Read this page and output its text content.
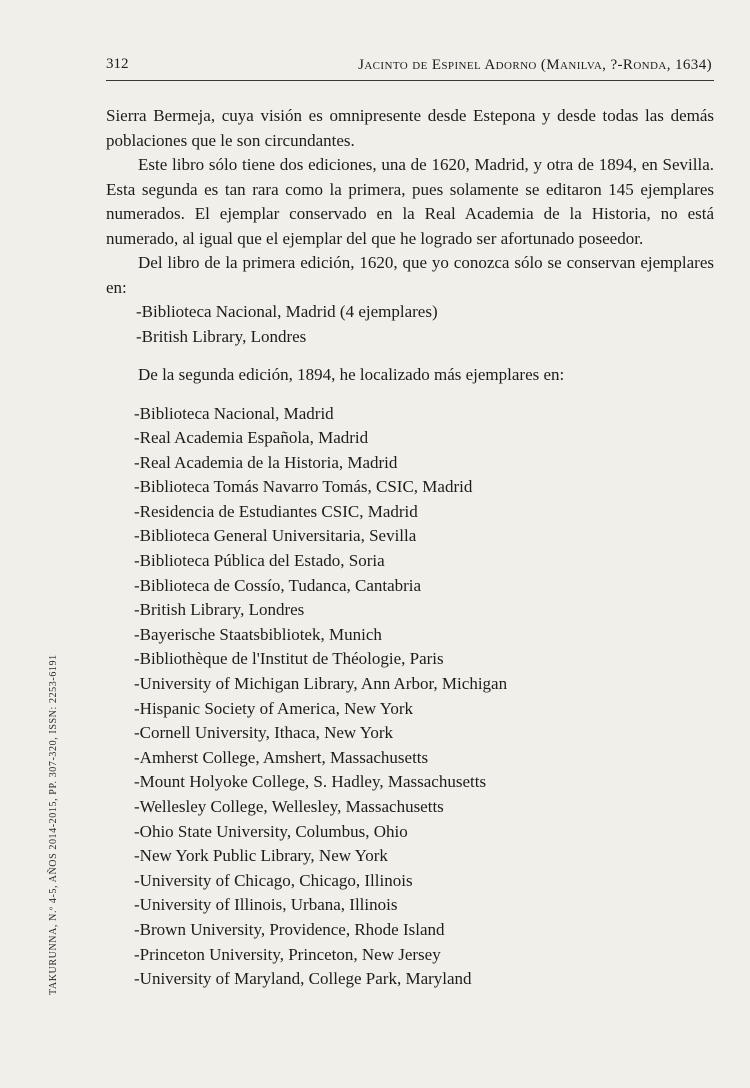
312	Jacinto de Espinel Adorno (Manilva, ?-Ronda, 1634)

Sierra Bermeja, cuya visión es omnipresente desde Estepona y desde todas las demás poblaciones que le son circundantes.

Este libro sólo tiene dos ediciones, una de 1620, Madrid, y otra de 1894, en Sevilla. Esta segunda es tan rara como la primera, pues solamente se editaron 145 ejemplares numerados. El ejemplar conservado en la Real Academia de la Historia, no está numerado, al igual que el ejemplar del que he logrado ser afortunado poseedor.

Del libro de la primera edición, 1620, que yo conozca sólo se conservan ejemplares en:

-Biblioteca Nacional, Madrid (4 ejemplares)
-British Library, Londres

De la segunda edición, 1894, he localizado más ejemplares en:

-Biblioteca Nacional, Madrid
-Real Academia Española, Madrid
-Real Academia de la Historia, Madrid
-Biblioteca Tomás Navarro Tomás, CSIC, Madrid
-Residencia de Estudiantes CSIC, Madrid
-Biblioteca General Universitaria, Sevilla
-Biblioteca Pública del Estado, Soria
-Biblioteca de Cossío, Tudanca, Cantabria
-British Library, Londres
-Bayerische Staatsbibliotek, Munich
-Bibliothèque de l'Institut de Théologie, Paris
-University of Michigan Library, Ann Arbor, Michigan
-Hispanic Society of America, New York
-Cornell University, Ithaca, New York
-Amherst College, Amshert, Massachusetts
-Mount Holyoke College, S. Hadley, Massachusetts
-Wellesley College, Wellesley, Massachusetts
-Ohio State University, Columbus, Ohio
-New York Public Library, New York
-University of Chicago, Chicago, Illinois
-University of Illinois, Urbana, Illinois
-Brown University, Providence, Rhode Island
-Princeton University, Princeton, New Jersey
-University of Maryland, College Park, Maryland
TAKURUNNA, N.º 4-5, AÑOS 2014-2015, PP. 307-320, ISSN: 2253-6191
